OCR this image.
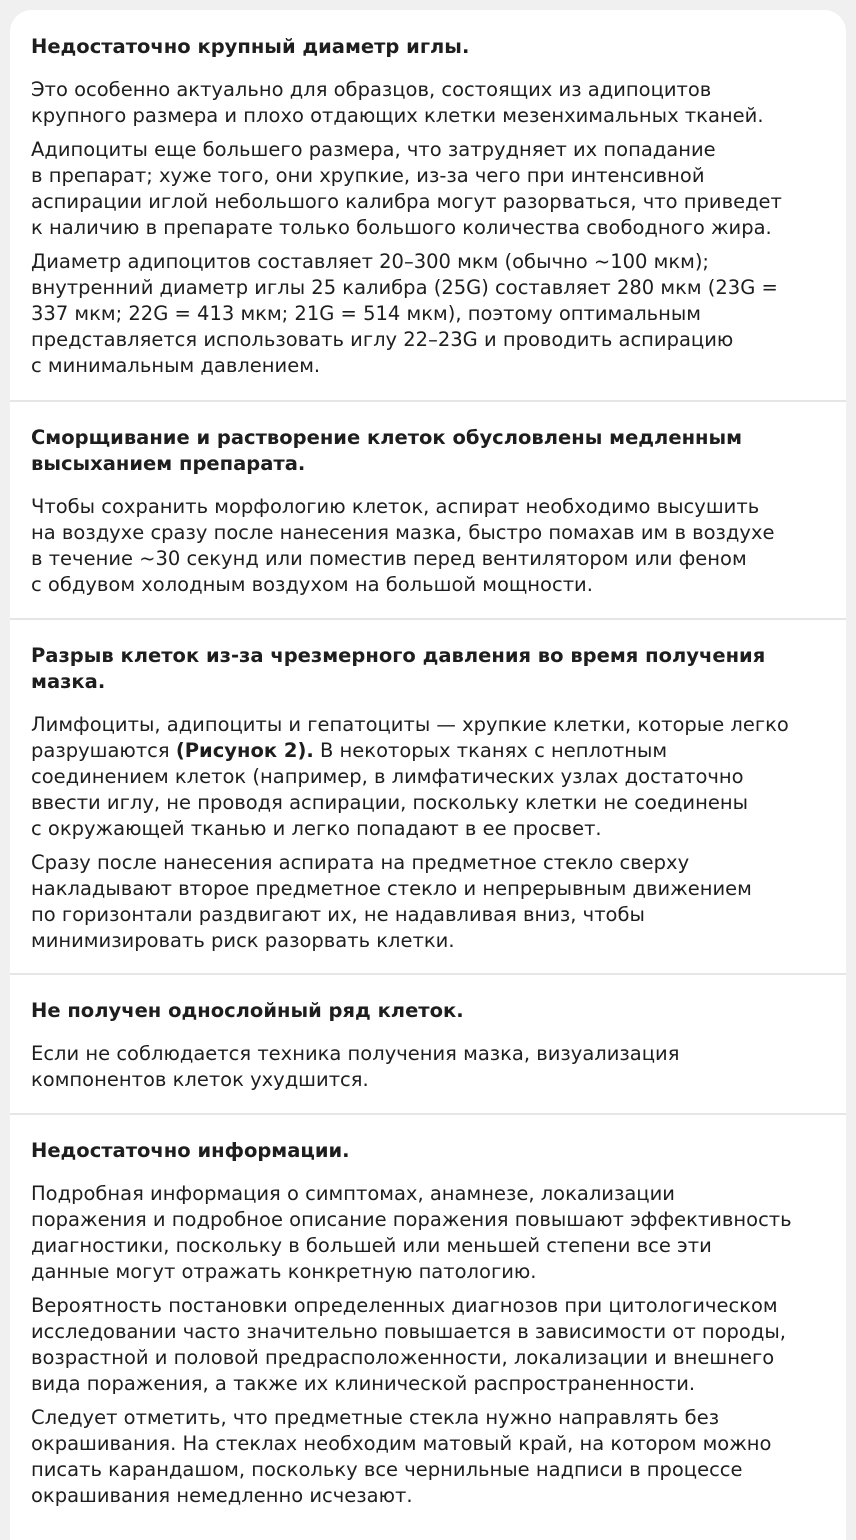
Недостаточно крупный диаметр иглы.

Это особенно актуально для образцов, состоящих из адипоцитов
крупного размера и плохо отдающих клетки мезенхимальных тканей.

Адипоциты еще большего размера, что затрудняет их попадание
в препарат; хуже того, они хрупкие, из-за чего при интенсивной
аспирации иглой небольшого калибра могут разорваться, что приведет
к наличию в препарате только большого количества свободного жира.

Диаметр адипоцитов составляет 20–300 мкм (обычно ~100 мкм);
внутренний диаметр иглы 25 калибра (25G) составляет 280 мкм (23G =
337 мкм; 22G = 413 мкм; 21G = 514 мкм), поэтому оптимальным
представляется использовать иглу 22–23G и проводить аспирацию
с минимальным давлением.

Сморщивание и растворение клеток обусловлены медленным
высыханием препарата.

Чтобы сохранить морфологию клеток, аспират необходимо высушить
на воздухе сразу после нанесения мазка, быстро помахав им в воздухе
в течение ~30 секунд или поместив перед вентилятором или феном
с обдувом холодным воздухом на большой мощности.

Разрыв клеток из-за чрезмерного давления во время получения
мазка.

Лимфоциты, адипоциты и гепатоциты — хрупкие клетки, которые легко
разрушаются (Рисунок 2). В некоторых тканях с неплотным
соединением клеток (например, в лимфатических узлах достаточно
ввести иглу, не проводя аспирации, поскольку клетки не соединены
с окружающей тканью и легко попадают в ее просвет.

Сразу после нанесения аспирата на предметное стекло сверху
накладывают второе предметное стекло и непрерывным движением
по горизонтали раздвигают их, не надавливая вниз, чтобы
минимизировать риск разорвать клетки.

Не получен однослойный ряд клеток.

Если не соблюдается техника получения мазка, визуализация
компонентов клеток ухудшится.

Недостаточно информации.

Подробная информация о симптомах, анамнезе, локализации
поражения и подробное описание поражения повышают эффективность
диагностики, поскольку в большей или меньшей степени все эти
данные могут отражать конкретную патологию.

Вероятность постановки определенных диагнозов при цитологическом
исследовании часто значительно повышается в зависимости от породы,
возрастной и половой предрасположенности, локализации и внешнего
вида поражения, а также их клинической распространенности.

Следует отметить, что предметные стекла нужно направлять без
окрашивания. На стеклах необходим матовый край, на котором можно
писать карандашом, поскольку все чернильные надписи в процессе
окрашивания немедленно исчезают.
